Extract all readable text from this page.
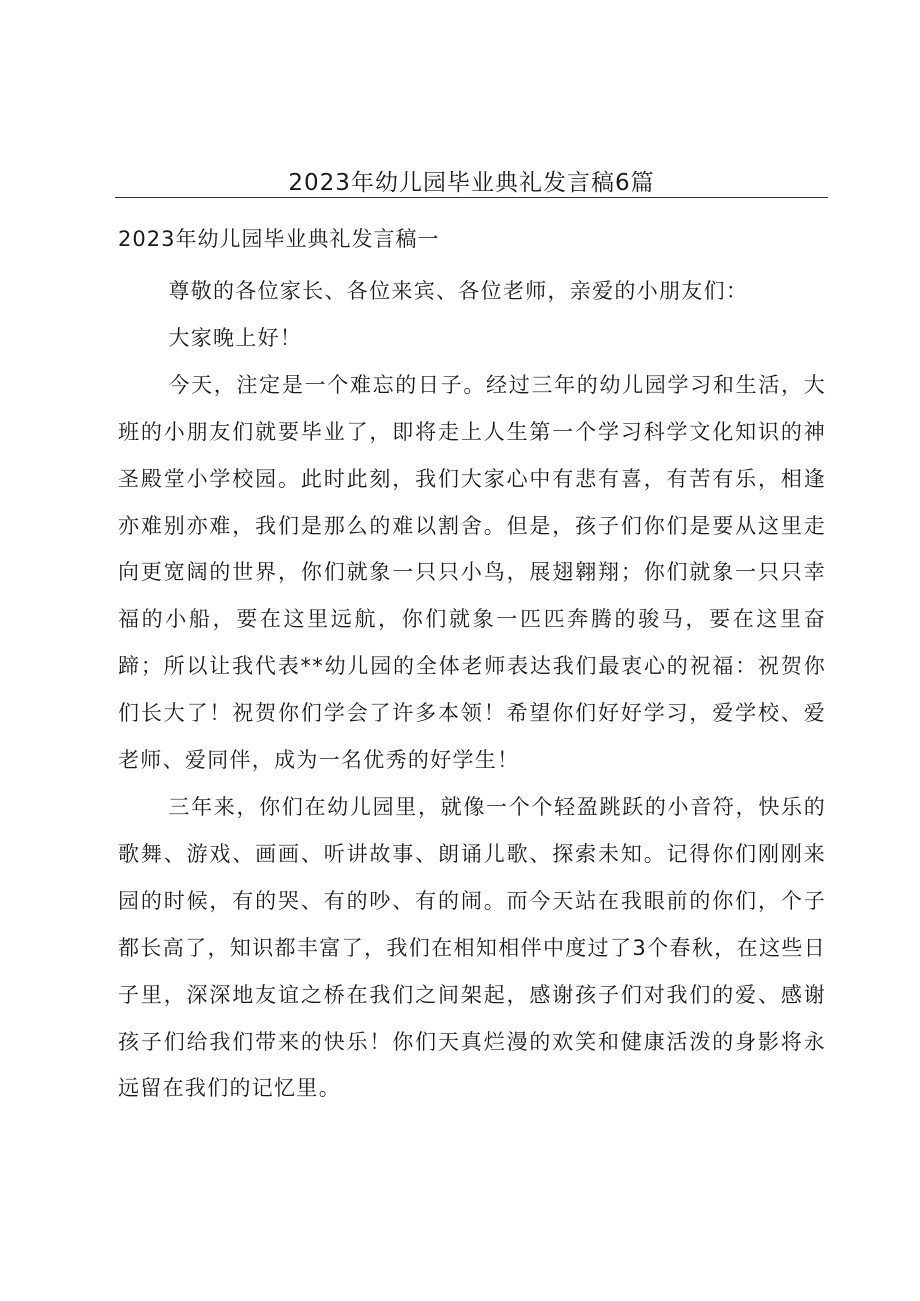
2023年幼儿园毕业典礼发言稿6篇
2023年幼儿园毕业典礼发言稿一

尊敬的各位家长、各位来宾、各位老师，亲爱的小朋友们：

大家晚上好！

今天，注定是一个难忘的日子。经过三年的幼儿园学习和生活，大班的小朋友们就要毕业了，即将走上人生第一个学习科学文化知识的神圣殿堂小学校园。此时此刻，我们大家心中有悲有喜，有苦有乐，相逢亦难别亦难，我们是那么的难以割舍。但是，孩子们你们是要从这里走向更宽阔的世界，你们就象一只只小鸟，展翅翱翔；你们就象一只只幸福的小船，要在这里远航，你们就象一匹匹奔腾的骏马，要在这里奋蹄；所以让我代表**幼儿园的全体老师表达我们最衷心的祝福：祝贺你们长大了！祝贺你们学会了许多本领！希望你们好好学习，爱学校、爱老师、爱同伴，成为一名优秀的好学生！

三年来，你们在幼儿园里，就像一个个轻盈跳跃的小音符，快乐的歌舞、游戏、画画、听讲故事、朗诵儿歌、探索未知。记得你们刚刚来园的时候，有的哭、有的吵、有的闹。而今天站在我眼前的你们，个子都长高了，知识都丰富了，我们在相知相伴中度过了3个春秋，在这些日子里，深深地友谊之桥在我们之间架起，感谢孩子们对我们的爱、感谢孩子们给我们带来的快乐！你们天真烂漫的欢笑和健康活泼的身影将永远留在我们的记忆里。
